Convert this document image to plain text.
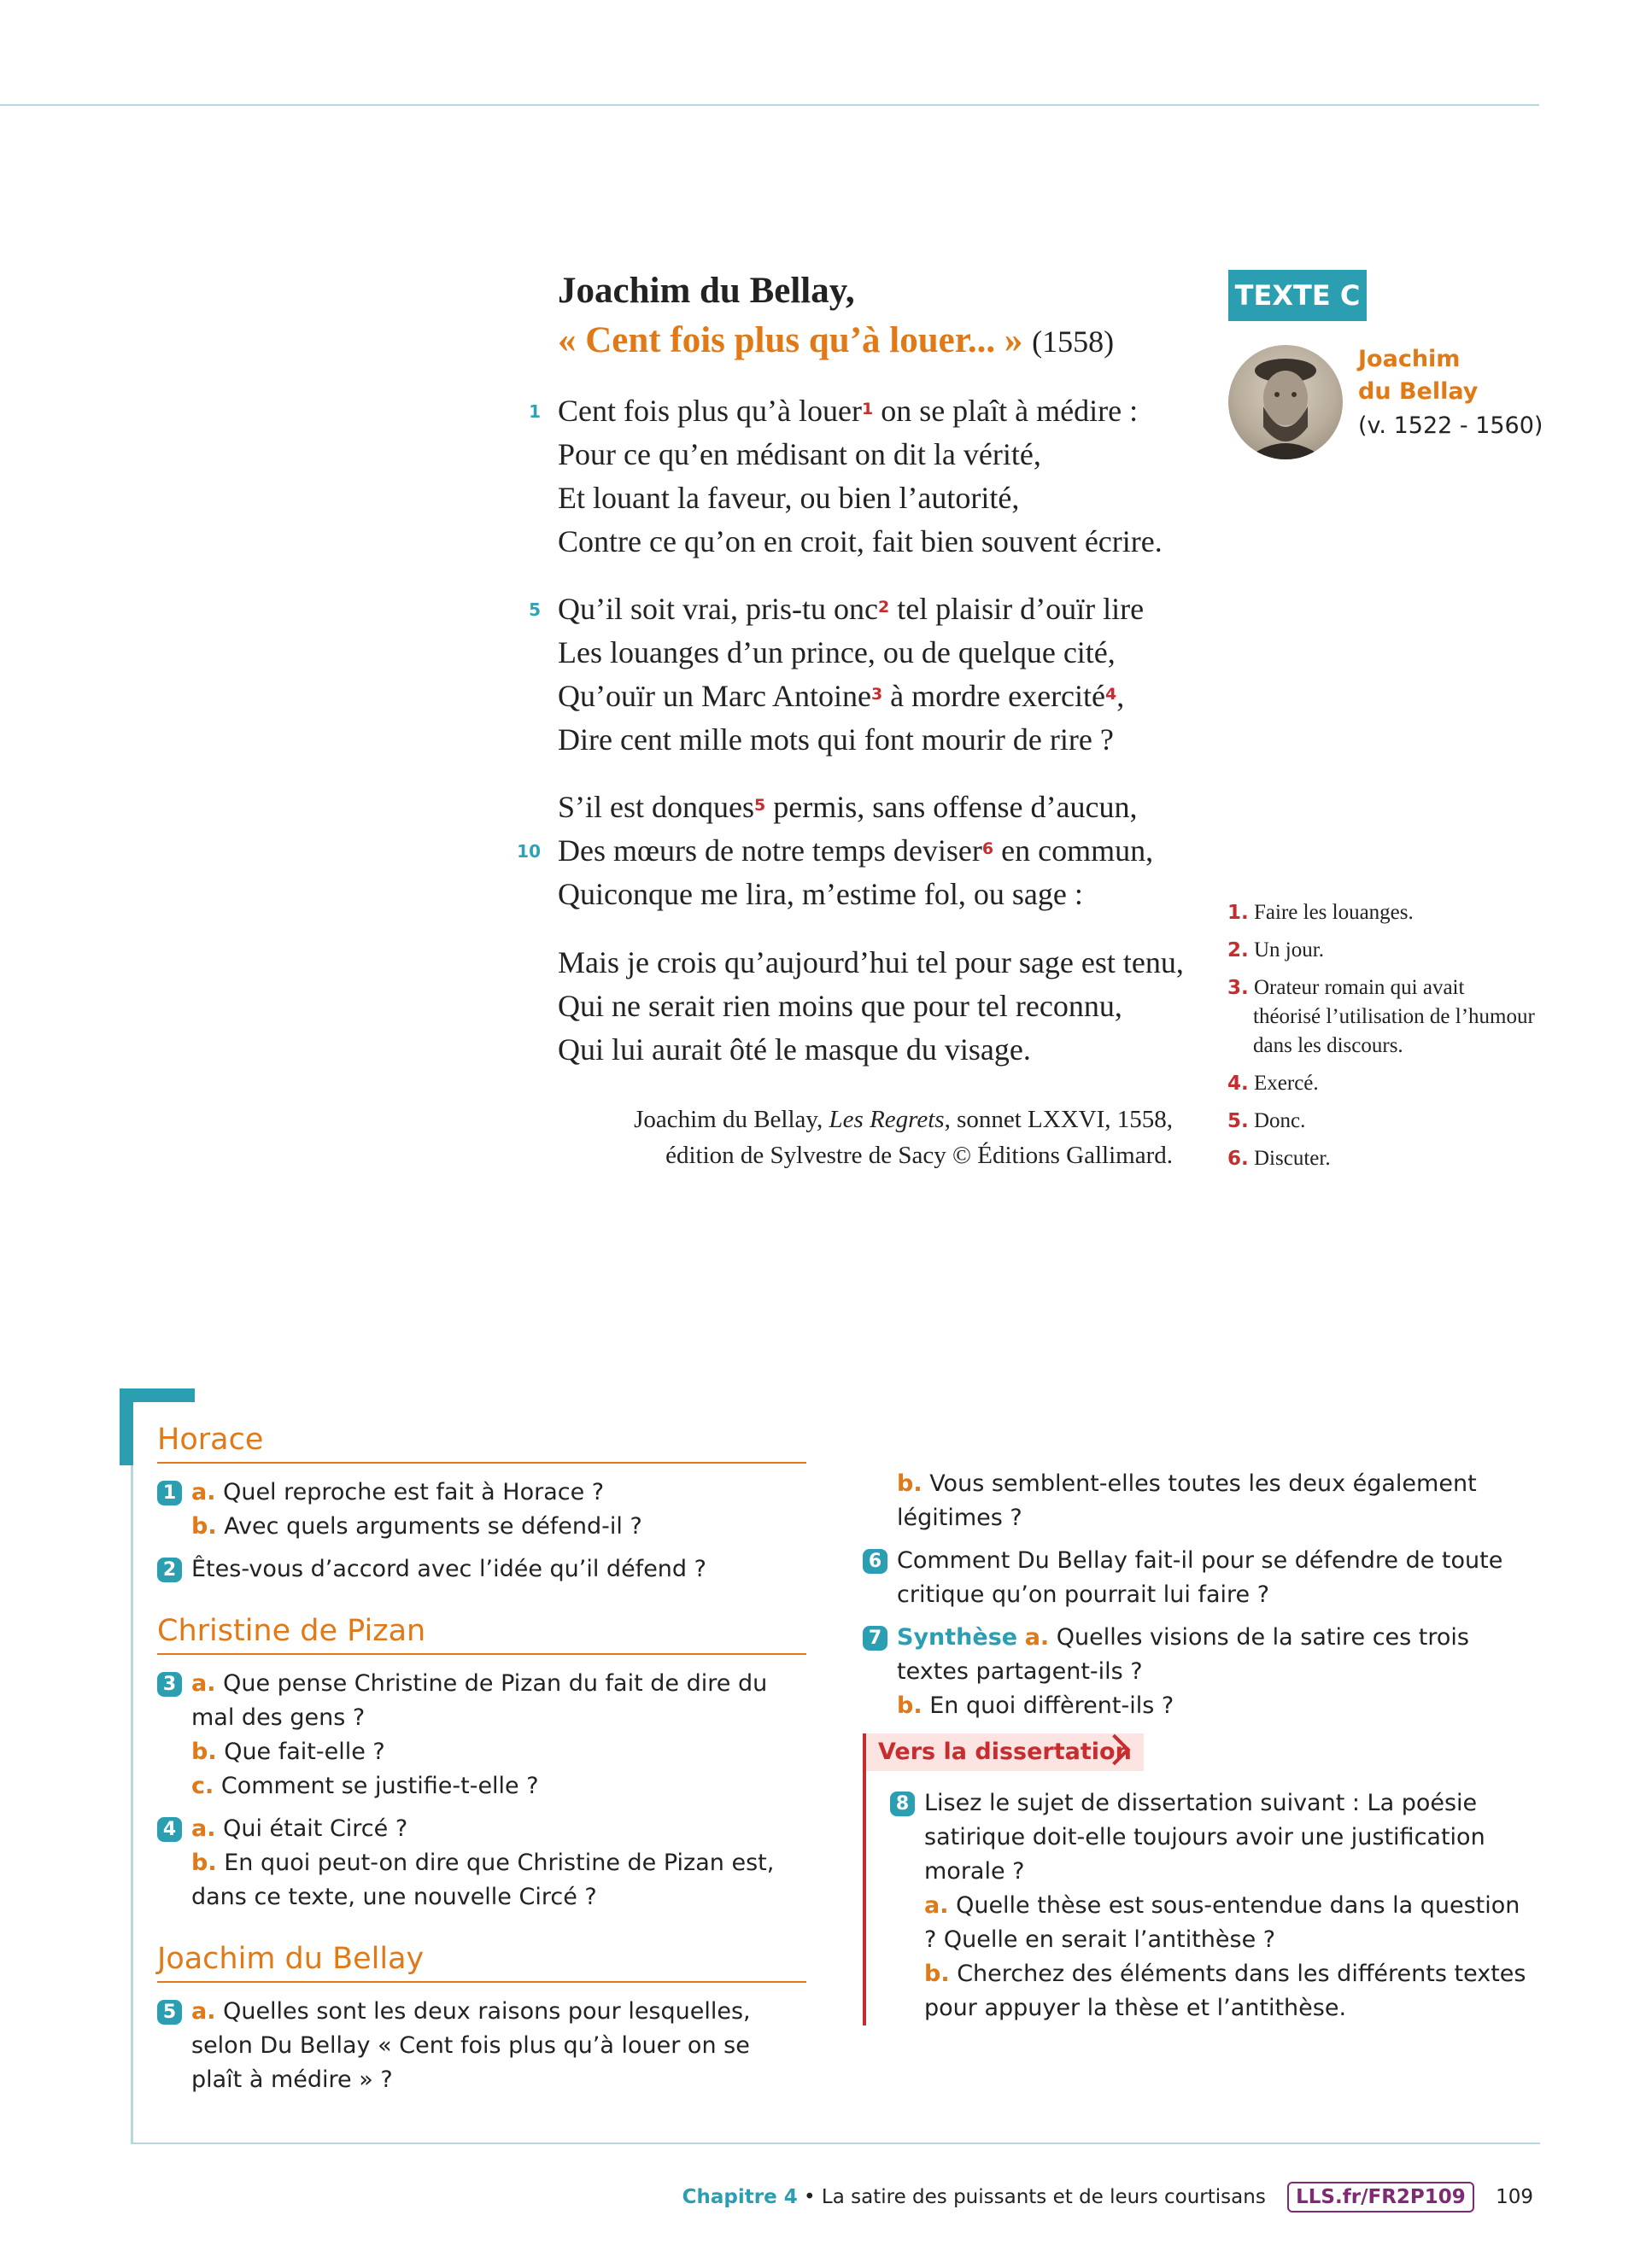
Joachim du Bellay,
« Cent fois plus qu’à louer... » (1558)
1 Cent fois plus qu’à louer$^1$ on se plaît à médire :
Pour ce qu’en médisant on dit la vérité,
Et louant la faveur, ou bien l’autorité,
Contre ce qu’on en croit, fait bien souvent écrire.
5 Qu’il soit vrai, pris-tu onc$^2$ tel plaisir d’ouïr lire
Les louanges d’un prince, ou de quelque cité,
Qu’ouïr un Marc Antoine$^3$ à mordre exercité$^4$,
Dire cent mille mots qui font mourir de rire ?
S’il est donques$^5$ permis, sans offense d’aucun,
10 Des mœurs de notre temps deviser$^6$ en commun,
Quiconque me lira, m’estime fol, ou sage :
Mais je crois qu’aujourd’hui tel pour sage est tenu,
Qui ne serait rien moins que pour tel reconnu,
Qui lui aurait ôté le masque du visage.
Joachim du Bellay, Les Regrets, sonnet LXXVI, 1558,
édition de Sylvestre de Sacy © Éditions Gallimard.
TEXTE C
Joachim
du Bellay
(v. 1522 - 1560)
1. Faire les louanges.
2. Un jour.
3. Orateur romain qui avait théorisé l’utilisation de l’humour dans les discours.
4. Exercé.
5. Donc.
6. Discuter.
Horace
1 a. Quel reproche est fait à Horace ?
b. Avec quels arguments se défend-il ?
2 Êtes-vous d’accord avec l’idée qu’il défend ?
Christine de Pizan
3 a. Que pense Christine de Pizan du fait de dire du mal des gens ?
b. Que fait-elle ?
c. Comment se justifie-t-elle ?
4 a. Qui était Circé ?
b. En quoi peut-on dire que Christine de Pizan est, dans ce texte, une nouvelle Circé ?
Joachim du Bellay
5 a. Quelles sont les deux raisons pour lesquelles, selon Du Bellay « Cent fois plus qu’à louer on se plaît à médire » ?
b. Vous semblent-elles toutes les deux également légitimes ?
6 Comment Du Bellay fait-il pour se défendre de toute critique qu’on pourrait lui faire ?
7 Synthèse a. Quelles visions de la satire ces trois textes partagent-ils ?
b. En quoi diffèrent-ils ?
Vers la dissertation
8 Lisez le sujet de dissertation suivant : La poésie satirique doit-elle toujours avoir une justification morale ?
a. Quelle thèse est sous-entendue dans la question ? Quelle en serait l’antithèse ?
b. Cherchez des éléments dans les différents textes pour appuyer la thèse et l’antithèse.
Chapitre 4 • La satire des puissants et de leurs courtisans LLS.fr/FR2P109 109
